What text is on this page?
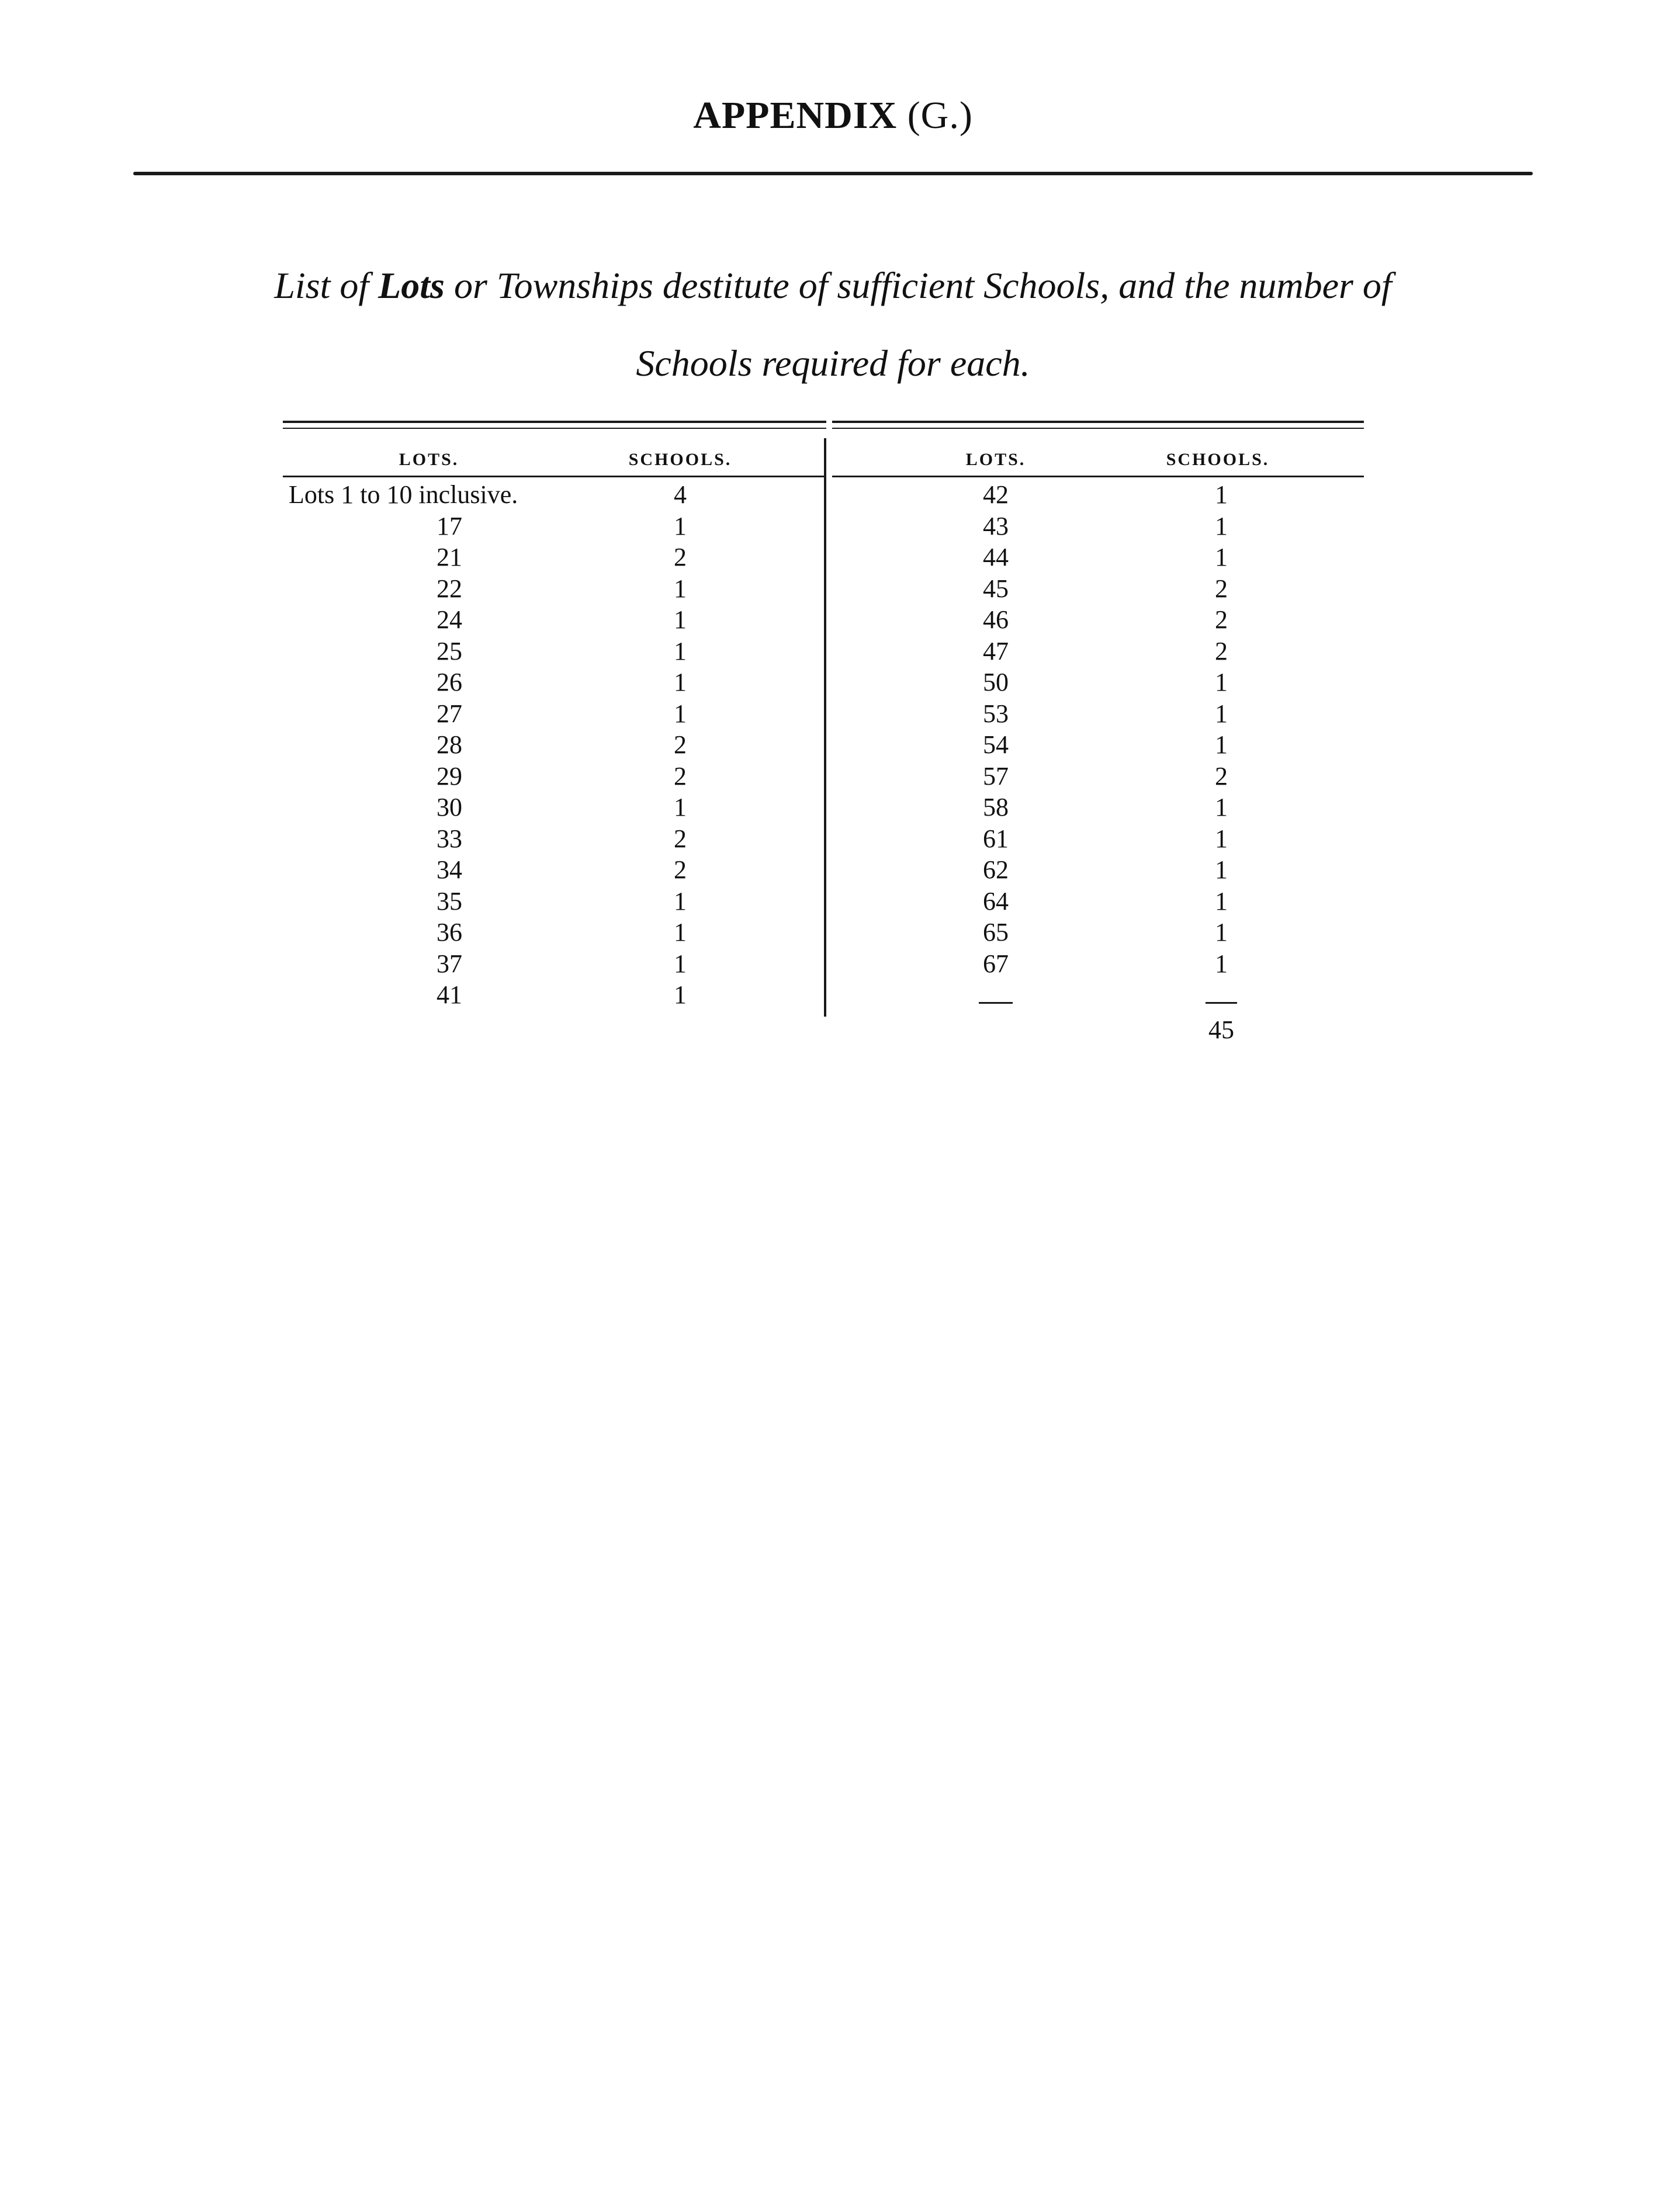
APPENDIX (G.)
List of Lots or Townships destitute of sufficient Schools, and the number of
Schools required for each.
LOTS.	SCHOOLS.
Lots 1 to 10 inclusive.	4
17	1
21	2
22	1
24	1
25	1
26	1
27	1
28	2
29	2
30	1
33	2
34	2
35	1
36	1
37	1
41	1
LOTS.	SCHOOLS.
42	1
43	1
44	1
45	2
46	2
47	2
50	1
53	1
54	1
57	2
58	1
61	1
62	1
64	1
65	1
67	1
45
